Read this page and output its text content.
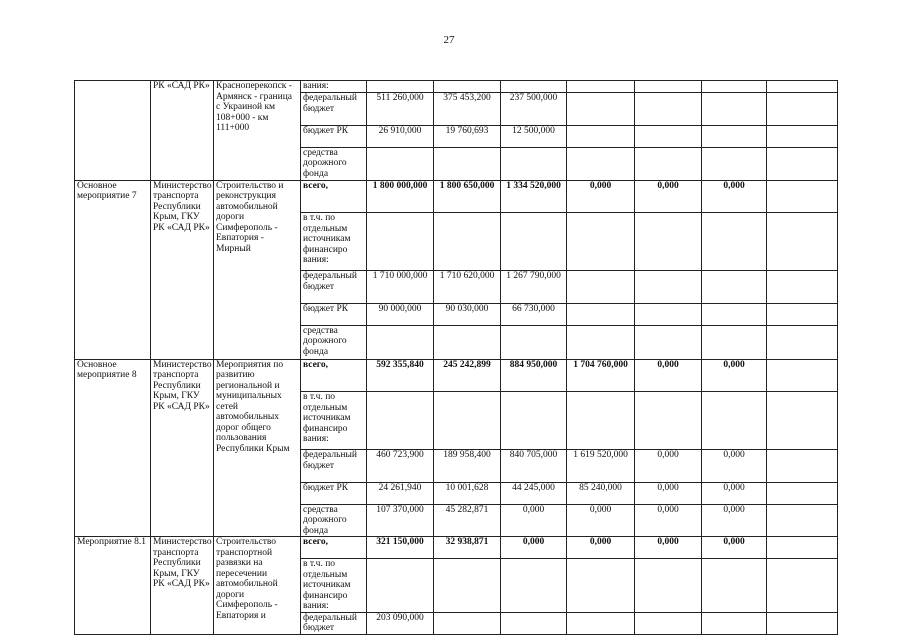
27
	РК «САД РК»	Красноперекопск - Армянск - граница с Украиной км 108+000 - км 111+000	вания:								
			федеральный бюджет	511 260,000	375 453,200	237 500,000					
			бюджет РК	26 910,000	19 760,693	12 500,000					
			средства дорожного фонда								
Основное мероприятие 7	Министерство транспорта Республики Крым, ГКУ РК «САД РК»	Строительство и реконструкция автомобильной дороги Симферополь - Евпатория - Мирный	всего,	1 800 000,000	1 800 650,000	1 334 520,000	0,000	0,000	0,000		
			в т.ч. по отдельным источникам финансиро вания:								
			федеральный бюджет	1 710 000,000	1 710 620,000	1 267 790,000					
			бюджет РК	90 000,000	90 030,000	66 730,000					
			средства дорожного фонда								
Основное мероприятие 8	Министерство транспорта Республики Крым, ГКУ РК «САД РК»	Мероприятия по развитию региональной и муниципальных сетей автомобильных дорог общего пользования Республики Крым	всего,	592 355,840	245 242,899	884 950,000	1 704 760,000	0,000	0,000		
			в т.ч. по отдельным источникам финансиро вания:								
			федеральный бюджет	460 723,900	189 958,400	840 705,000	1 619 520,000	0,000	0,000		
			бюджет РК	24 261,940	10 001,628	44 245,000	85 240,000	0,000	0,000		
			средства дорожного фонда	107 370,000	45 282,871	0,000	0,000	0,000	0,000		
Мероприятие 8.1	Министерство транспорта Республики Крым, ГКУ РК «САД РК»	Строительство транспортной развязки на пересечении автомобильной дороги Симферополь - Евпатория и	всего,	321 150,000	32 938,871	0,000	0,000	0,000	0,000		
			в т.ч. по отдельным источникам финансиро вания:								
			федеральный бюджет	203 090,000							
